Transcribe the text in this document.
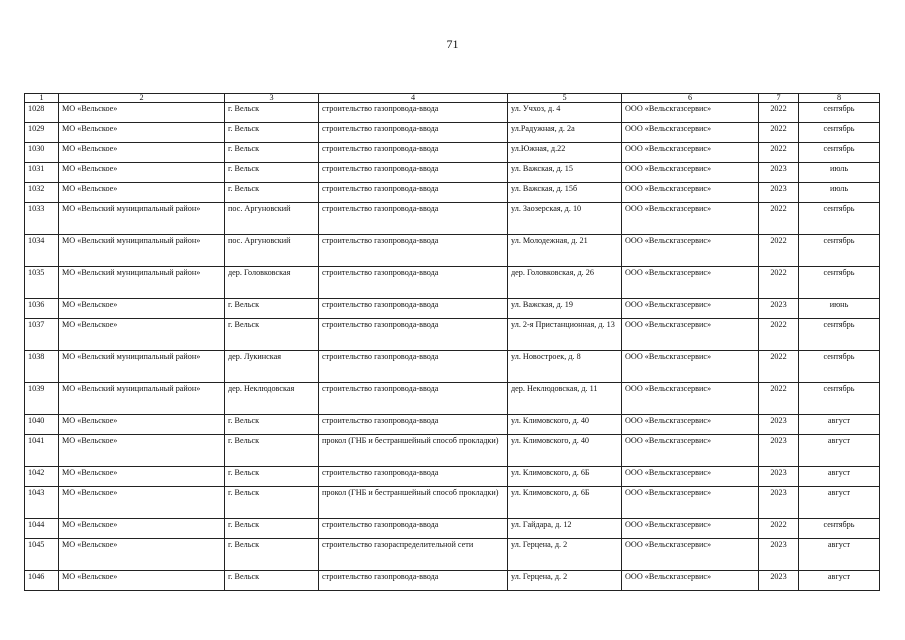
71
1	2	3	4	5	6	7	8
1028	МО «Вельское»	г. Вельск	строительство газопровода-ввода	ул. Учхоз, д. 4	ООО «Вельскгазсервис»	2022	сентябрь
1029	МО «Вельское»	г. Вельск	строительство газопровода-ввода	ул.Радужная, д. 2а	ООО «Вельскгазсервис»	2022	сентябрь
1030	МО «Вельское»	г. Вельск	строительство газопровода-ввода	ул.Южная, д.22	ООО «Вельскгазсервис»	2022	сентябрь
1031	МО «Вельское»	г. Вельск	строительство газопровода-ввода	ул. Важская, д. 15	ООО «Вельскгазсервис»	2023	июль
1032	МО «Вельское»	г. Вельск	строительство газопровода-ввода	ул. Важская, д. 15б	ООО «Вельскгазсервис»	2023	июль
1033	МО «Вельский муниципальный район»	пос. Аргуновский	строительство газопровода-ввода	ул. Заозерская, д. 10	ООО «Вельскгазсервис»	2022	сентябрь
1034	МО «Вельский муниципальный район»	пос. Аргуновский	строительство газопровода-ввода	ул. Молодежная, д. 21	ООО «Вельскгазсервис»	2022	сентябрь
1035	МО «Вельский муниципальный район»	дер. Головковская	строительство газопровода-ввода	дер. Головковская, д. 26	ООО «Вельскгазсервис»	2022	сентябрь
1036	МО «Вельское»	г. Вельск	строительство газопровода-ввода	ул. Важская, д. 19	ООО «Вельскгазсервис»	2023	июнь
1037	МО «Вельское»	г. Вельск	строительство газопровода-ввода	ул. 2-я Пристанционная, д. 13	ООО «Вельскгазсервис»	2022	сентябрь
1038	МО «Вельский муниципальный район»	дер. Лукинская	строительство газопровода-ввода	ул. Новостроек, д. 8	ООО «Вельскгазсервис»	2022	сентябрь
1039	МО «Вельский муниципальный район»	дер. Неклюдовская	строительство газопровода-ввода	дер. Неклюдовская, д. 11	ООО «Вельскгазсервис»	2022	сентябрь
1040	МО «Вельское»	г. Вельск	строительство газопровода-ввода	ул. Климовского, д. 40	ООО «Вельскгазсервис»	2023	август
1041	МО «Вельское»	г. Вельск	прокол (ГНБ и бестраншейный способ прокладки)	ул. Климовского, д. 40	ООО «Вельскгазсервис»	2023	август
1042	МО «Вельское»	г. Вельск	строительство газопровода-ввода	ул. Климовского, д. 6Б	ООО «Вельскгазсервис»	2023	август
1043	МО «Вельское»	г. Вельск	прокол (ГНБ и бестраншейный способ прокладки)	ул. Климовского, д. 6Б	ООО «Вельскгазсервис»	2023	август
1044	МО «Вельское»	г. Вельск	строительство газопровода-ввода	ул. Гайдара, д. 12	ООО «Вельскгазсервис»	2022	сентябрь
1045	МО «Вельское»	г. Вельск	строительство газораспределительной сети	ул. Герцена, д. 2	ООО «Вельскгазсервис»	2023	август
1046	МО «Вельское»	г. Вельск	строительство газопровода-ввода	ул. Герцена, д. 2	ООО «Вельскгазсервис»	2023	август
